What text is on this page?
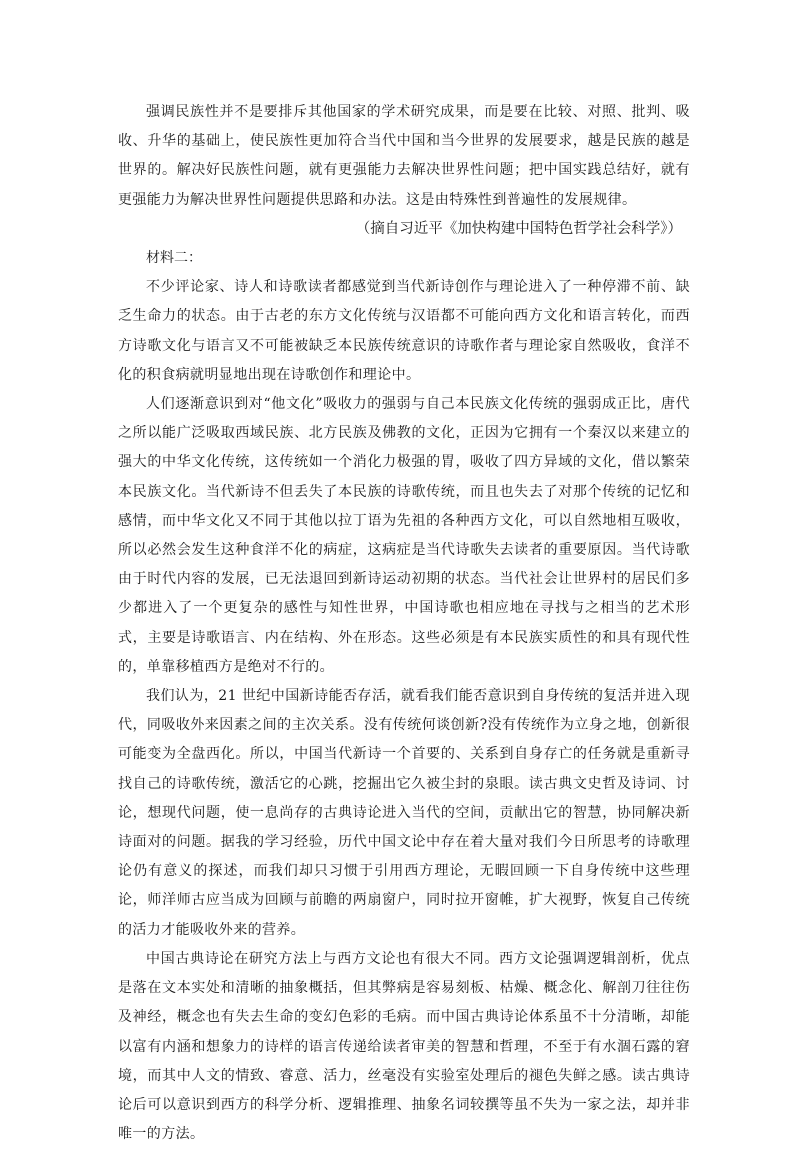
强调民族性并不是要排斥其他国家的学术研究成果，而是要在比较、对照、批判、吸收、升华的基础上，使民族性更加符合当代中国和当今世界的发展要求，越是民族的越是世界的。解决好民族性问题，就有更强能力去解决世界性问题；把中国实践总结好，就有更强能力为解决世界性问题提供思路和办法。这是由特殊性到普遍性的发展规律。

（摘自习近平《加快构建中国特色哲学社会科学》）

材料二：

不少评论家、诗人和诗歌读者都感觉到当代新诗创作与理论进入了一种停滞不前、缺乏生命力的状态。由于古老的东方文化传统与汉语都不可能向西方文化和语言转化，而西方诗歌文化与语言又不可能被缺乏本民族传统意识的诗歌作者与理论家自然吸收，食洋不化的积食病就明显地出现在诗歌创作和理论中。

人们逐渐意识到对“他文化”吸收力的强弱与自己本民族文化传统的强弱成正比，唐代之所以能广泛吸取西域民族、北方民族及佛教的文化，正因为它拥有一个秦汉以来建立的强大的中华文化传统，这传统如一个消化力极强的胃，吸收了四方异域的文化，借以繁荣本民族文化。当代新诗不但丢失了本民族的诗歌传统，而且也失去了对那个传统的记忆和感情，而中华文化又不同于其他以拉丁语为先祖的各种西方文化，可以自然地相互吸收，所以必然会发生这种食洋不化的病症，这病症是当代诗歌失去读者的重要原因。当代诗歌由于时代内容的发展，已无法退回到新诗运动初期的状态。当代社会让世界村的居民们多少都进入了一个更复杂的感性与知性世界，中国诗歌也相应地在寻找与之相当的艺术形式，主要是诗歌语言、内在结构、外在形态。这些必须是有本民族实质性的和具有现代性的，单靠移植西方是绝对不行的。

我们认为，21 世纪中国新诗能否存活，就看我们能否意识到自身传统的复活并进入现代，同吸收外来因素之间的主次关系。没有传统何谈创新?没有传统作为立身之地，创新很可能变为全盘西化。所以，中国当代新诗一个首要的、关系到自身存亡的任务就是重新寻找自己的诗歌传统，激活它的心跳，挖掘出它久被尘封的泉眼。读古典文史哲及诗词、讨论，想现代问题，使一息尚存的古典诗论进入当代的空间，贡献出它的智慧，协同解决新诗面对的问题。据我的学习经验，历代中国文论中存在着大量对我们今日所思考的诗歌理论仍有意义的探述，而我们却只习惯于引用西方理论，无暇回顾一下自身传统中这些理论，师洋师古应当成为回顾与前瞻的两扇窗户，同时拉开窗帷，扩大视野，恢复自己传统的活力才能吸收外来的营养。

中国古典诗论在研究方法上与西方文论也有很大不同。西方文论强调逻辑剖析，优点是落在文本实处和清晰的抽象概括，但其弊病是容易刻板、枯燥、概念化、解剖刀往往伤及神经，概念也有失去生命的变幻色彩的毛病。而中国古典诗论体系虽不十分清晰，却能以富有内涵和想象力的诗样的语言传递给读者审美的智慧和哲理，不至于有水涸石露的窘境，而其中人文的情致、睿意、活力，丝毫没有实验室处理后的褪色失鲜之感。读古典诗论后可以意识到西方的科学分析、逻辑推理、抽象名词较撰等虽不失为一家之法，却并非唯一的方法。
